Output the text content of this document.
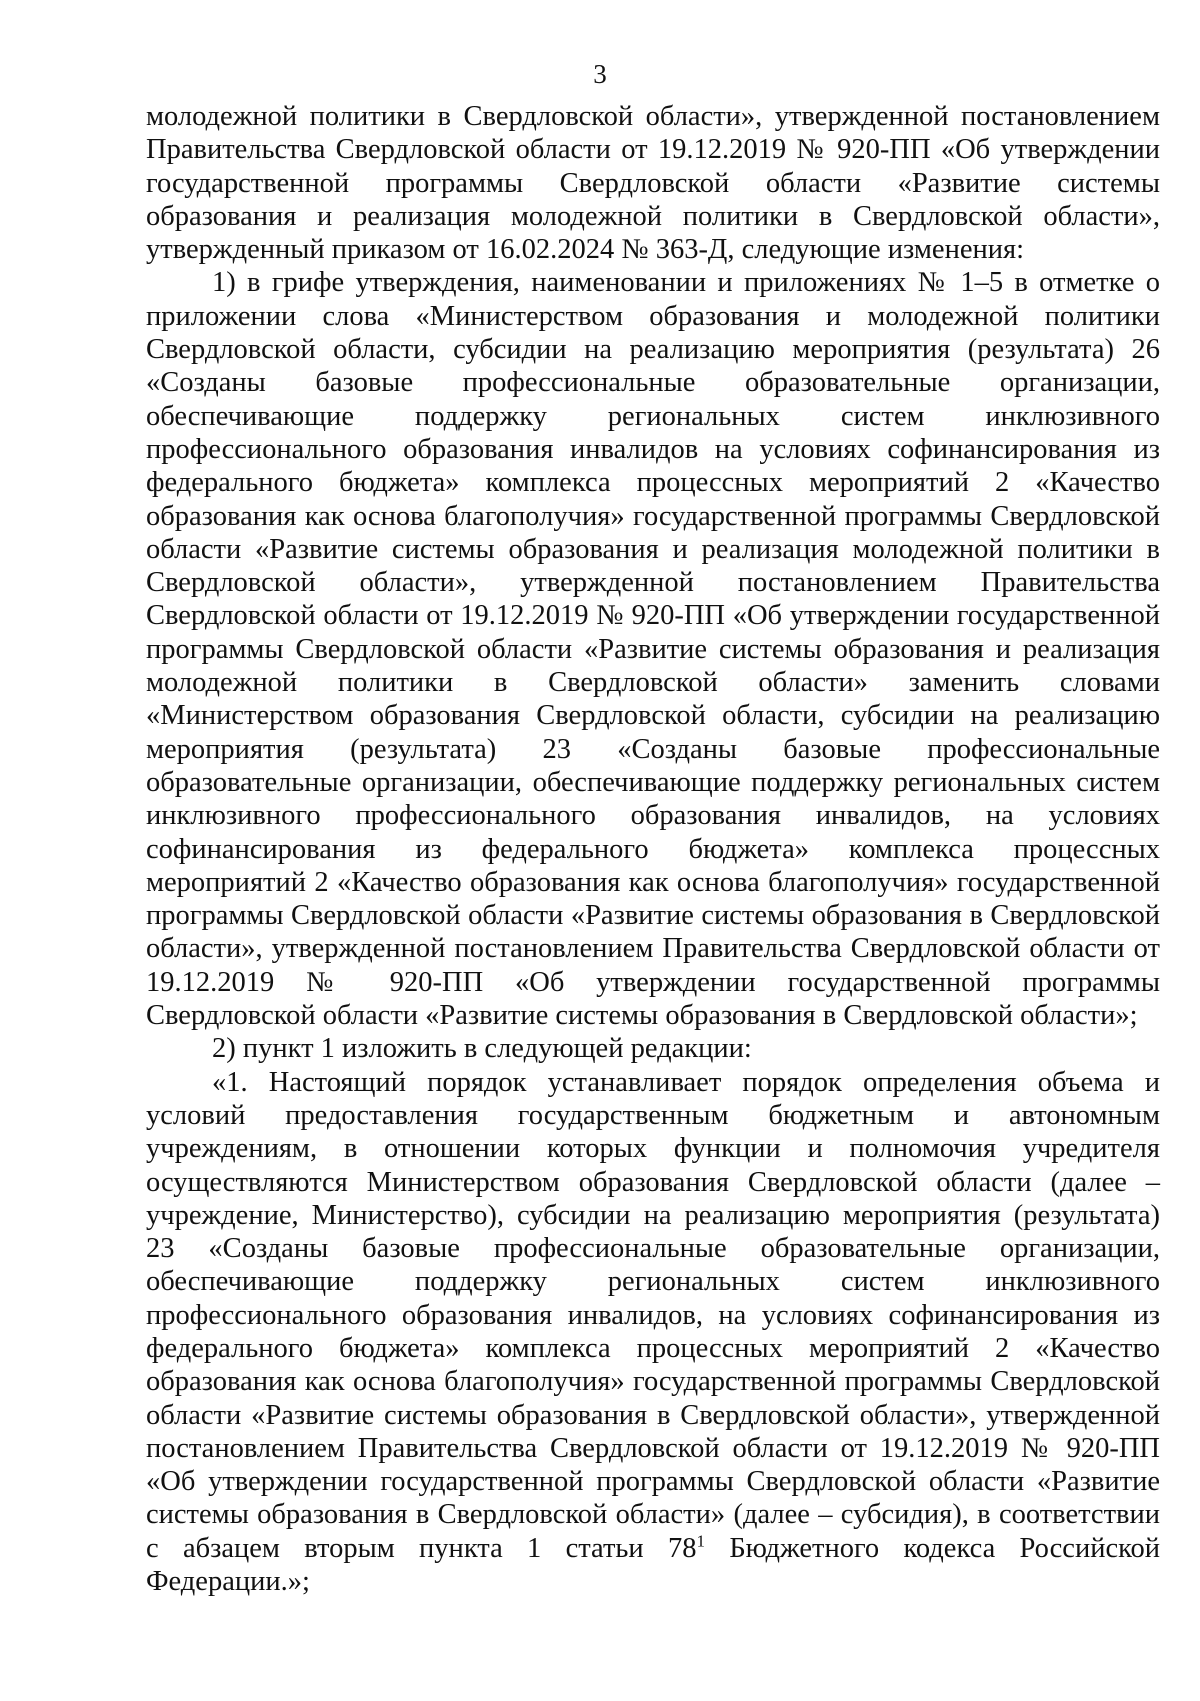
3

молодежной политики в Свердловской области», утвержденной постановлением Правительства Свердловской области от 19.12.2019 № 920-ПП «Об утверждении государственной программы Свердловской области «Развитие системы образования и реализация молодежной политики в Свердловской области», утвержденный приказом от 16.02.2024 № 363-Д, следующие изменения:

1) в грифе утверждения, наименовании и приложениях № 1–5 в отметке о приложении слова «Министерством образования и молодежной политики Свердловской области, субсидии на реализацию мероприятия (результата) 26 «Созданы базовые профессиональные образовательные организации, обеспечивающие поддержку региональных систем инклюзивного профессионального образования инвалидов на условиях софинансирования из федерального бюджета» комплекса процессных мероприятий 2 «Качество образования как основа благополучия» государственной программы Свердловской области «Развитие системы образования и реализация молодежной политики в Свердловской области», утвержденной постановлением Правительства Свердловской области от 19.12.2019 № 920-ПП «Об утверждении государственной программы Свердловской области «Развитие системы образования и реализация молодежной политики в Свердловской области» заменить словами «Министерством образования Свердловской области, субсидии на реализацию мероприятия (результата) 23 «Созданы базовые профессиональные образовательные организации, обеспечивающие поддержку региональных систем инклюзивного профессионального образования инвалидов, на условиях софинансирования из федерального бюджета» комплекса процессных мероприятий 2 «Качество образования как основа благополучия» государственной программы Свердловской области «Развитие системы образования в Свердловской области», утвержденной постановлением Правительства Свердловской области от 19.12.2019 № 920-ПП «Об утверждении государственной программы Свердловской области «Развитие системы образования в Свердловской области»;

2) пункт 1 изложить в следующей редакции:

«1. Настоящий порядок устанавливает порядок определения объема и условий предоставления государственным бюджетным и автономным учреждениям, в отношении которых функции и полномочия учредителя осуществляются Министерством образования Свердловской области (далее – учреждение, Министерство), субсидии на реализацию мероприятия (результата) 23 «Созданы базовые профессиональные образовательные организации, обеспечивающие поддержку региональных систем инклюзивного профессионального образования инвалидов, на условиях софинансирования из федерального бюджета» комплекса процессных мероприятий 2 «Качество образования как основа благополучия» государственной программы Свердловской области «Развитие системы образования в Свердловской области», утвержденной постановлением Правительства Свердловской области от 19.12.2019 № 920-ПП «Об утверждении государственной программы Свердловской области «Развитие системы образования в Свердловской области» (далее – субсидия), в соответствии с абзацем вторым пункта 1 статьи $78^1$ Бюджетного кодекса Российской Федерации.»;
